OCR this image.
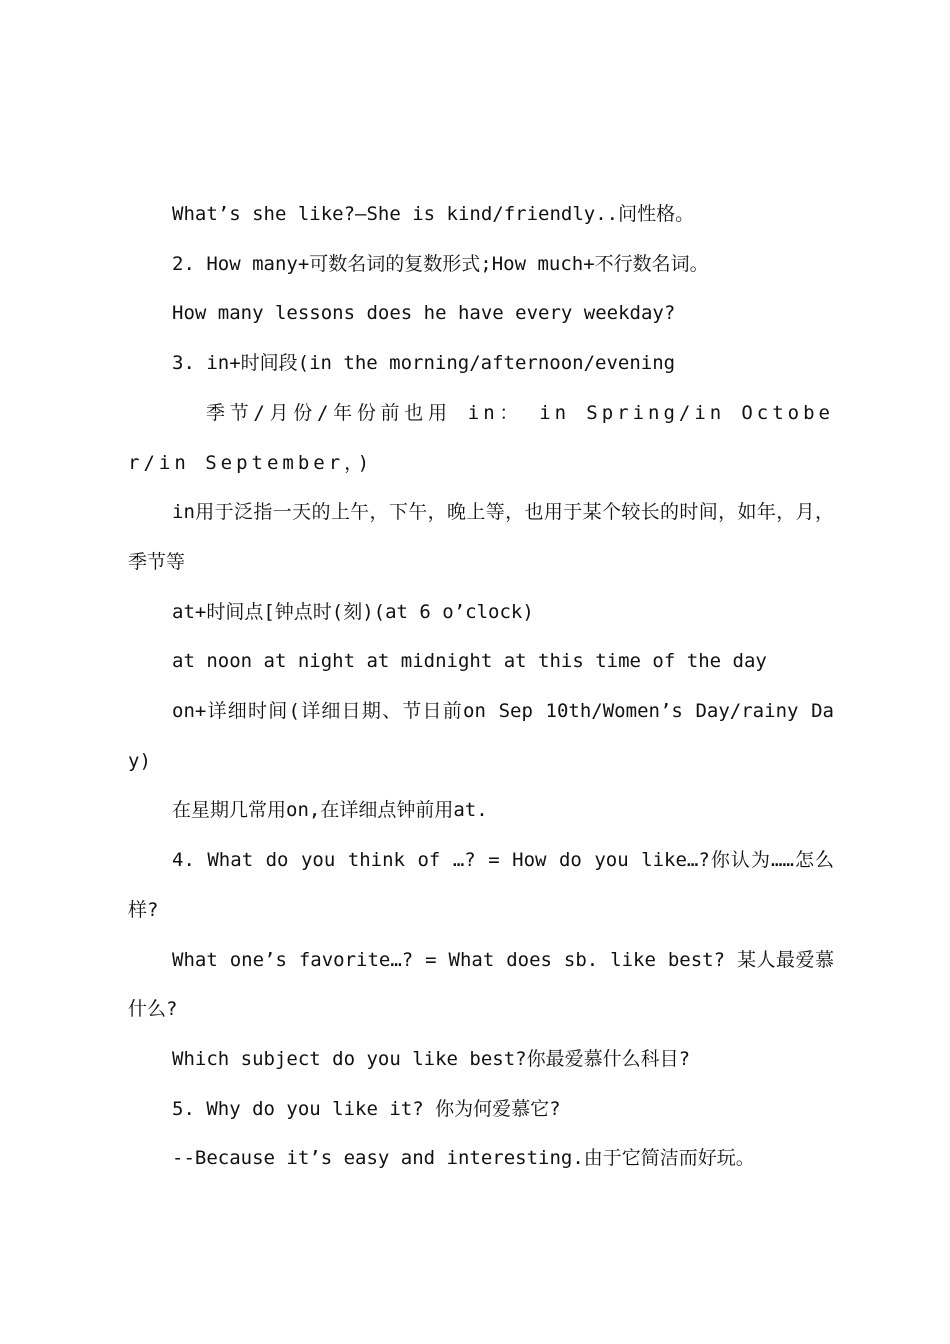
What’s she like?—She is kind/friendly..问性格。

2. How many+可数名词的复数形式;How much+不行数名词。

How many lessons does he have every weekday?

3. in+时间段(in the morning/afternoon/evening

季节/月份/年份前也用 in： in Spring/in October/in September，)

in用于泛指一天的上午，下午，晚上等，也用于某个较长的时间，如年，月，季节等

at+时间点[钟点时(刻)(at 6 o’clock)

at noon at night at midnight at this time of the day

on+详细时间(详细日期、节日前on Sep 10th/Women’s Day/rainy Day)

在星期几常用on,在详细点钟前用at.

4. What do you think of …? = How do you like…?你认为……怎么样?

What one’s favorite…? = What does sb. like best? 某人最爱慕什么?

Which subject do you like best?你最爱慕什么科目?

5. Why do you like it? 你为何爱慕它?

--Because it’s easy and interesting.由于它简洁而好玩。
